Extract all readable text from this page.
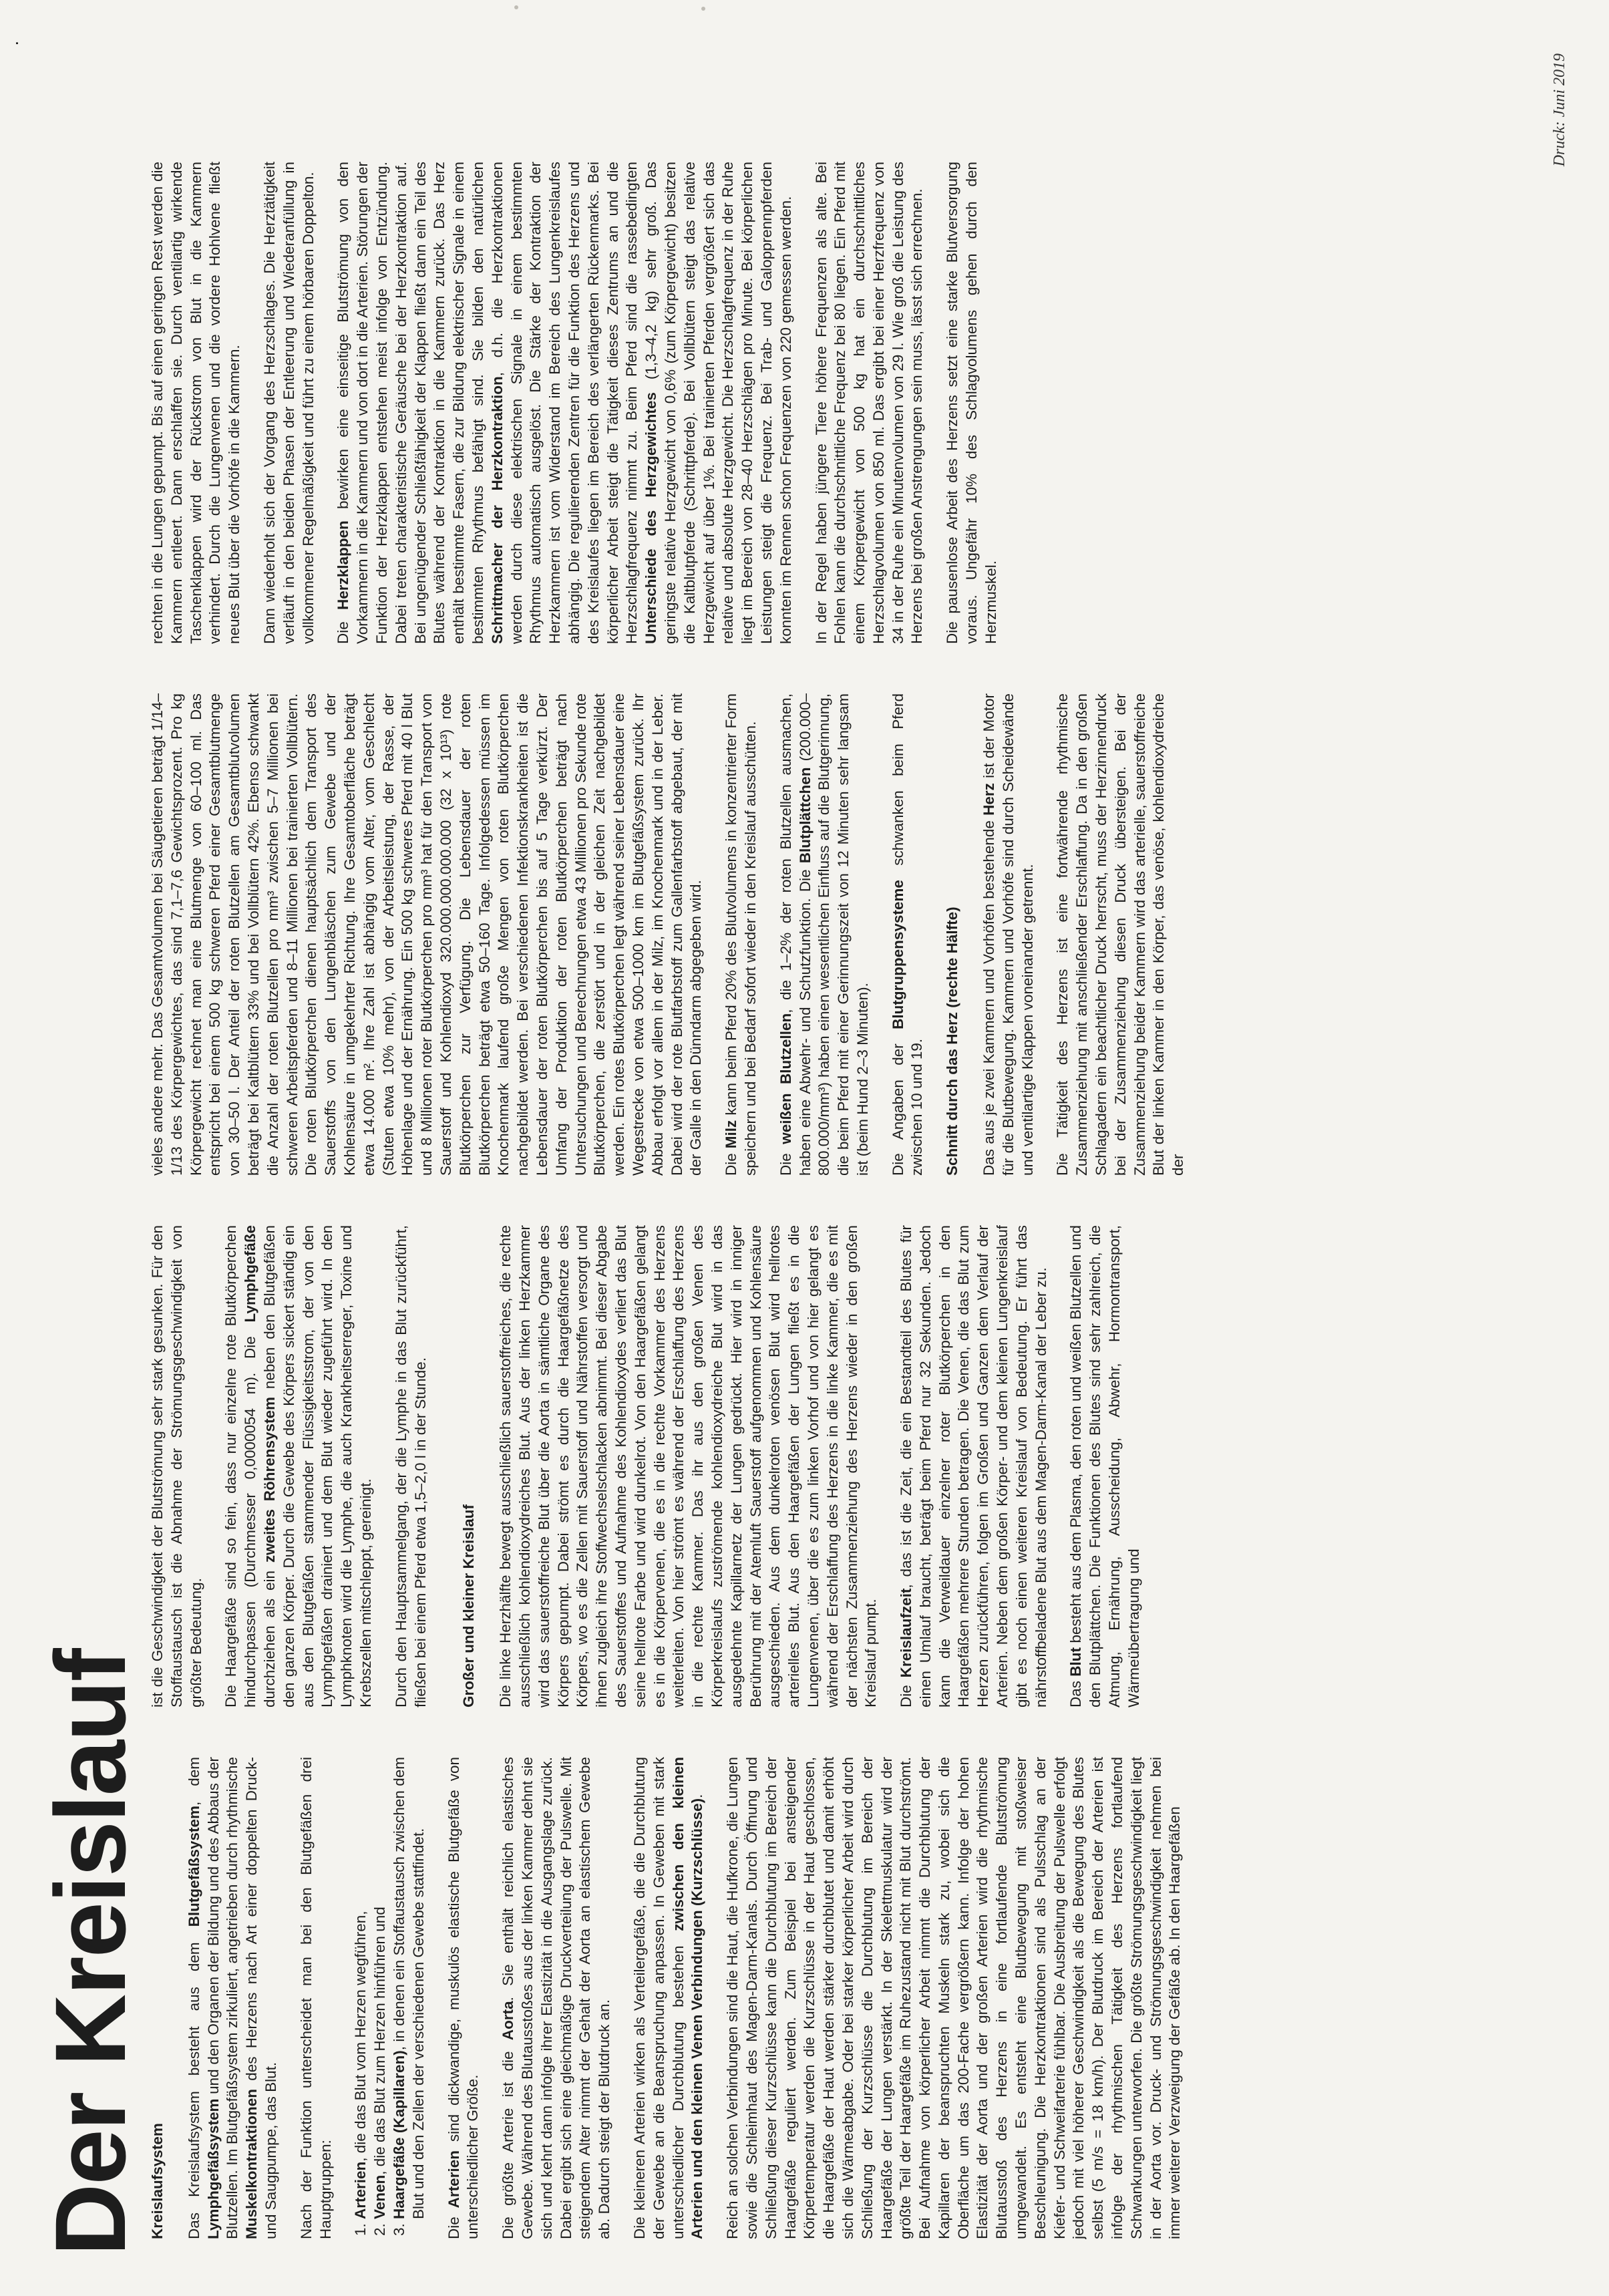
Der Kreislauf Kreislaufsystem Das Kreislaufsystem besteht aus dem Blutgefäßsystem, dem Lymphgefäßsystem und den Organen der Bildung und des Abbaus der Blutzellen. Im Blutgefäßsystem zirkuliert, angetrieben durch rhythmische Muskelkontraktionen des Herzens nach Art einer doppelten Druck- und Saugpumpe, das Blut. Nach der Funktion unterscheidet man bei den Blutgefäßen drei Hauptgruppen: 1. Arterien, die das Blut vom Herzen wegführen,
2. Venen, die das Blut zum Herzen hinführen und 3. Haargefäße (Kapillaren), in denen ein Stoffaustausch zwischen dem Blut und den Zellen der verschiedenen Gewebe stattfindet.

Die Arterien sind dickwandige, muskulös elastische Blutgefäße von unterschiedlicher Größe. Die größte Arterie ist die Aorta. Sie enthält reichlich elastisches Gewebe. Während des Blutausstoßes aus der linken Kammer dehnt sie sich und kehrt dann infolge ihrer Elastizität in die Ausgangslage zurück. Dabei ergibt sich eine gleichmäßige Druckverteilung der Pulswelle. Mit steigendem Alter nimmt der Gehalt der Aorta an elastischem Gewebe ab. Dadurch steigt der Blutdruck an. Die kleineren Arterien wirken als Verteilergefäße, die die Durchblutung der Gewebe an die Beanspruchung anpassen. In Geweben mit stark unterschiedlicher Durchblutung bestehen zwischen den kleinen Arterien und den kleinen Venen Verbindungen (Kurzschlüsse). Reich an solchen Verbindungen sind die Haut, die Hufkrone, die Lungen sowie die Schleimhaut des Magen-Darm-Kanals. Durch Öffnung und Schließung dieser Kurzschlüsse kann die Durchblutung im Bereich der Haargefäße reguliert werden. Zum Beispiel bei ansteigender Körpertemperatur werden die Kurzschlüsse in der Haut geschlossen, die Haargefäße der Haut werden stärker durchblutet und damit erhöht sich die Wärmeabgabe. Oder bei starker körperlicher Arbeit wird durch Schließung der Kurzschlüsse die Durchblutung im Bereich der Haargefäße der Lungen verstärkt. In der Skelettmuskulatur wird der größte Teil der Haargefäße im Ruhezustand nicht mit Blut durchströmt. Bei Aufnahme von körperlicher Arbeit nimmt die Durchblutung der Kapillaren der beanspruchten Muskeln stark zu, wobei sich die Oberfläche um das 200-Fache vergrößern kann. Infolge der hohen Elastizität der Aorta und der großen Arterien wird die rhythmische Blutausstoß des Herzens in eine fortlaufende Blutströmung umgewandelt. Es entsteht eine Blutbewegung mit stoßweiser Beschleunigung. Die Herzkontraktionen sind als Pulsschlag an der Kiefer- und Schweifarterie fühlbar. Die Ausbreitung der Pulswelle erfolgt jedoch mit viel höherer Geschwindigkeit als die Bewegung des Blutes selbst (5 m/s = 18 km/h). Der Blutdruck im Bereich der Arterien ist infolge der rhythmischen Tätigkeit des Herzens fortlaufend Schwankungen unterworfen. Die größte Strömungsgeschwindigkeit liegt in der Aorta vor. Druck- und Strömungsgeschwindigkeit nehmen bei immer weiterer Verzweigung der Gefäße ab. In den Haargefäßen

ist die Geschwindigkeit der Blutströmung sehr stark gesunken. Für den Stoffaustausch ist die Abnahme der Strömungsgeschwindigkeit von größter Bedeutung. Die Haargefäße sind so fein, dass nur einzelne rote Blutkörperchen hindurchpassen (Durchmesser 0,0000054 m). Die Lymphgefäße durchziehen als ein zweites Röhrensystem neben den Blutgefäßen den ganzen Körper. Durch die Gewebe des Körpers sickert ständig ein aus den Blutgefäßen stammender Flüssigkeitsstrom, der von den Lymphgefäßen drainiert und dem Blut wieder zugeführt wird. In den Lymphknoten wird die Lymphe, die auch Krankheitserreger, Toxine und Krebszellen mitschleppt, gereinigt. Durch den Hauptsammelgang, der die Lymphe in das Blut zurückführt, fließen bei einem Pferd etwa 1,5–2,0 l in der Stunde. Großer und kleiner Kreislauf Die linke Herzhälfte bewegt ausschließlich sauerstoffreiches, die rechte ausschließlich kohlendioxydreiches Blut. Aus der linken Herzkammer wird das sauerstoffreiche Blut über die Aorta in sämtliche Organe des Körpers gepumpt. Dabei strömt es durch die Haargefäßnetze des Körpers, wo es die Zellen mit Sauerstoff und Nährstoffen versorgt und ihnen zugleich ihre Stoffwechselschlacken abnimmt. Bei dieser Abgabe des Sauerstoffes und Aufnahme des Kohlendioxydes verliert das Blut seine hellrote Farbe und wird dunkelrot. Von den Haargefäßen gelangt es in die Körpervenen, die es in die rechte Vorkammer des Herzens weiterleiten. Von hier strömt es während der Erschlaffung des Herzens in die rechte Kammer. Das ihr aus den großen Venen des Körperkreislaufs zuströmende kohlendioxydreiche Blut wird in das ausgedehnte Kapillarnetz der Lungen gedrückt. Hier wird in inniger Berührung mit der Atemluft Sauerstoff aufgenommen und Kohlensäure ausgeschieden. Aus dem dunkelroten venösen Blut wird hellrotes arterielles Blut. Aus den Haargefäßen der Lungen fließt es in die Lungenvenen, über die es zum linken Vorhof und von hier gelangt es während der Erschlaffung des Herzens in die linke Kammer, die es mit der nächsten Zusammenziehung des Herzens wieder in den großen Kreislauf pumpt. Die Kreislaufzeit, das ist die Zeit, die ein Bestandteil des Blutes für einen Umlauf braucht, beträgt beim Pferd nur 32 Sekunden. Jedoch kann die Verweildauer einzelner roter Blutkörperchen in den Haargefäßen mehrere Stunden betragen. Die Venen, die das Blut zum Herzen zurückführen, folgen im Großen und Ganzen dem Verlauf der Arterien. Neben dem großen Körper- und dem kleinen Lungenkreislauf gibt es noch einen weiteren Kreislauf von Bedeutung. Er führt das nährstoffbeladene Blut aus dem Magen-Darm-Kanal der Leber zu. Das Blut besteht aus dem Plasma, den roten und weißen Blutzellen und den Blutplättchen. Die Funktionen des Blutes sind sehr zahlreich, die Atmung, Ernährung, Ausscheidung, Abwehr, Hormontransport, Wärmeübertragung und

vieles andere mehr. Das Gesamtvolumen bei Säugetieren beträgt 1/14–1/13 des Körpergewichtes, das sind 7,1–7,6 Gewichtsprozent. Pro kg Körpergewicht rechnet man eine Blutmenge von 60–100 ml. Das entspricht bei einem 500 kg schweren Pferd einer Gesamtblutmenge von 30–50 l. Der Anteil der roten Blutzellen am Gesamtblutvolumen beträgt bei Kaltblütern 33% und bei Vollblütern 42%. Ebenso schwankt die Anzahl der roten Blutzellen pro mm³ zwischen 5–7 Millionen bei schweren Arbeitspferden und 8–11 Millionen bei trainierten Vollblütern. Die roten Blutkörperchen dienen hauptsächlich dem Transport des Sauerstoffs von den Lungenbläschen zum Gewebe und der Kohlensäure in umgekehrter Richtung. Ihre Gesamtoberfläche beträgt etwa 14.000 m². Ihre Zahl ist abhängig vom Alter, vom Geschlecht (Stuten etwa 10% mehr), von der Arbeitsleistung, der Rasse, der Höhenlage und der Ernährung. Ein 500 kg schweres Pferd mit 40 l Blut und 8 Millionen roter Blutkörperchen pro mm³ hat für den Transport von Sauerstoff und Kohlendioxyd 320.000.000.000.000 (32 x 10¹³) rote Blutkörperchen zur Verfügung. Die Lebensdauer der roten Blutkörperchen beträgt etwa 50–160 Tage. Infolgedessen müssen im Knochenmark laufend große Mengen von roten Blutkörperchen nachgebildet werden. Bei verschiedenen Infektionskrankheiten ist die Lebensdauer der roten Blutkörperchen bis auf 5 Tage verkürzt. Der Umfang der Produktion der roten Blutkörperchen beträgt nach Untersuchungen und Berechnungen etwa 43 Millionen pro Sekunde rote Blutkörperchen, die zerstört und in der gleichen Zeit nachgebildet werden. Ein rotes Blutkörperchen legt während seiner Lebensdauer eine Wegestrecke von etwa 500–1000 km im Blutgefäßsystem zurück. Ihr Abbau erfolgt vor allem in der Milz, im Knochenmark und in der Leber. Dabei wird der rote Blutfarbstoff zum Gallenfarbstoff abgebaut, der mit der Galle in den Dünndarm abgegeben wird. Die Milz kann beim Pferd 20% des Blutvolumens in konzentrierter Form speichern und bei Bedarf sofort wieder in den Kreislauf ausschütten. Die weißen Blutzellen, die 1–2% der roten Blutzellen ausmachen, haben eine Abwehr- und Schutzfunktion. Die Blutplättchen (200.000–800.000/mm³) haben einen wesentlichen Einfluss auf die Blutgerinnung, die beim Pferd mit einer Gerinnungszeit von 12 Minuten sehr langsam ist (beim Hund 2–3 Minuten). Die Angaben der Blutgruppensysteme schwanken beim Pferd zwischen 10 und 19. Schnitt durch das Herz (rechte Hälfte) Das aus je zwei Kammern und Vorhöfen bestehende Herz ist der Motor für die Blutbewegung. Kammern und Vorhöfe sind durch Scheidewände und ventilartige Klappen voneinander getrennt. Die Tätigkeit des Herzens ist eine fortwährende rhythmische Zusammenziehung mit anschließender Erschlaffung. Da in den großen Schlagadern ein beachtlicher Druck herrscht, muss der Herzinnendruck bei der Zusammenziehung diesen Druck übersteigen. Bei der Zusammenziehung beider Kammern wird das arterielle, sauerstoffreiche Blut der linken Kammer in den Körper, das venöse, kohlendioxydreiche der

rechten in die Lungen gepumpt. Bis auf einen geringen Rest werden die Kammern entleert. Dann erschlaffen sie. Durch ventilartig wirkende Taschenklappen wird der Rückstrom von Blut in die Kammern verhindert. Durch die Lungenvenen und die vordere Hohlvene fließt neues Blut über die Vorhöfe in die Kammern. Dann wiederholt sich der Vorgang des Herzschlages. Die Herztätigkeit verläuft in den beiden Phasen der Entleerung und Wiederanfüllung in vollkommener Regelmäßigkeit und führt zu einem hörbaren Doppelton. Die Herzklappen bewirken eine einseitige Blutströmung von den Vorkammern in die Kammern und von dort in die Arterien. Störungen der Funktion der Herzklappen entstehen meist infolge von Entzündung. Dabei treten charakteristische Geräusche bei der Herzkontraktion auf. Bei ungenügender Schließfähigkeit der Klappen fließt dann ein Teil des Blutes während der Kontraktion in die Kammern zurück. Das Herz enthält bestimmte Fasern, die zur Bildung elektrischer Signale in einem bestimmten Rhythmus befähigt sind. Sie bilden den natürlichen Schrittmacher der Herzkontraktion, d.h. die Herzkontraktionen werden durch diese elektrischen Signale in einem bestimmten Rhythmus automatisch ausgelöst. Die Stärke der Kontraktion der Herzkammern ist vom Widerstand im Bereich des Lungenkreislaufes abhängig. Die regulierenden Zentren für die Funktion des Herzens und des Kreislaufes liegen im Bereich des verlängerten Rückenmarks. Bei körperlicher Arbeit steigt die Tätigkeit dieses Zentrums an und die Herzschlagfrequenz nimmt zu. Beim Pferd sind die rassebedingten Unterschiede des Herzgewichtes (1,3–4,2 kg) sehr groß. Das geringste relative Herzgewicht von 0,6% (zum Körpergewicht) besitzen die Kaltblutpferde (Schrittpferde). Bei Vollblütern steigt das relative Herzgewicht auf über 1%. Bei trainierten Pferden vergrößert sich das relative und absolute Herzgewicht. Die Herzschlagfrequenz in der Ruhe liegt im Bereich von 28–40 Herzschlägen pro Minute. Bei körperlichen Leistungen steigt die Frequenz. Bei Trab- und Galopprennpferden konnten im Rennen schon Frequenzen von 220 gemessen werden. In der Regel haben jüngere Tiere höhere Frequenzen als alte. Bei Fohlen kann die durchschnittliche Frequenz bei 80 liegen. Ein Pferd mit einem Körpergewicht von 500 kg hat ein durchschnittliches Herzschlagvolumen von 850 ml. Das ergibt bei einer Herzfrequenz von 34 in der Ruhe ein Minutenvolumen von 29 l. Wie groß die Leistung des Herzens bei großen Anstrengungen sein muss, lässt sich errechnen. Die pausenlose Arbeit des Herzens setzt eine starke Blutversorgung voraus. Ungefähr 10% des Schlagvolumens gehen durch den Herzmuskel.

Druck: Juni 2019
·
